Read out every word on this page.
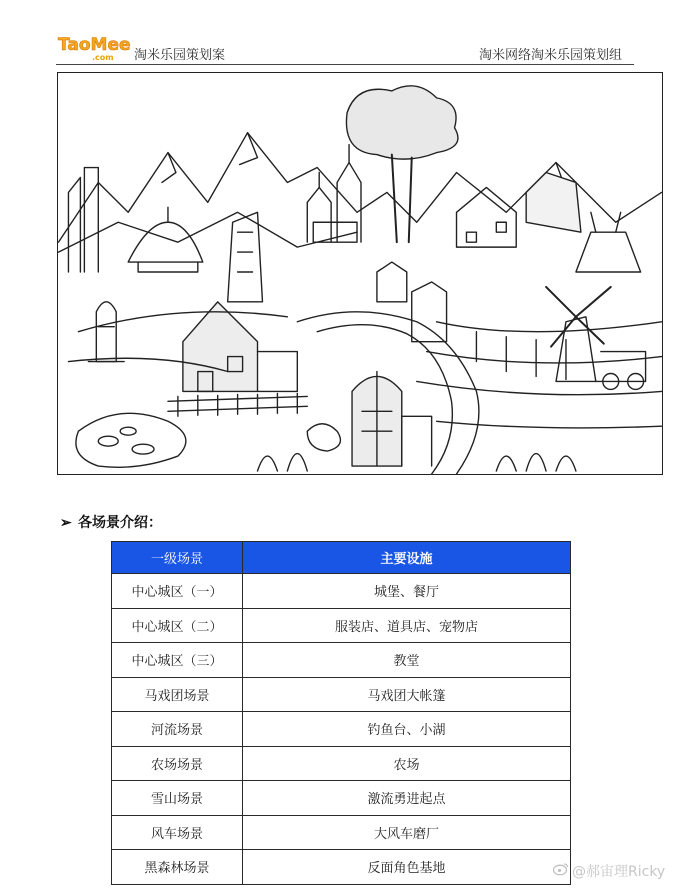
TaoMee
.com 淘米乐园策划案	淘米网络淘米乐园策划组
➢ 各场景介绍：
一级场景	主要设施
中心城区（一）	城堡、餐厅
中心城区（二）	服装店、道具店、宠物店
中心城区（三）	教堂
马戏团场景	马戏团大帐篷
河流场景	钓鱼台、小湖
农场场景	农场
雪山场景	激流勇进起点
风车场景	大风车磨厂
黑森林场景	反面角色基地	@郝宙理Ricky
